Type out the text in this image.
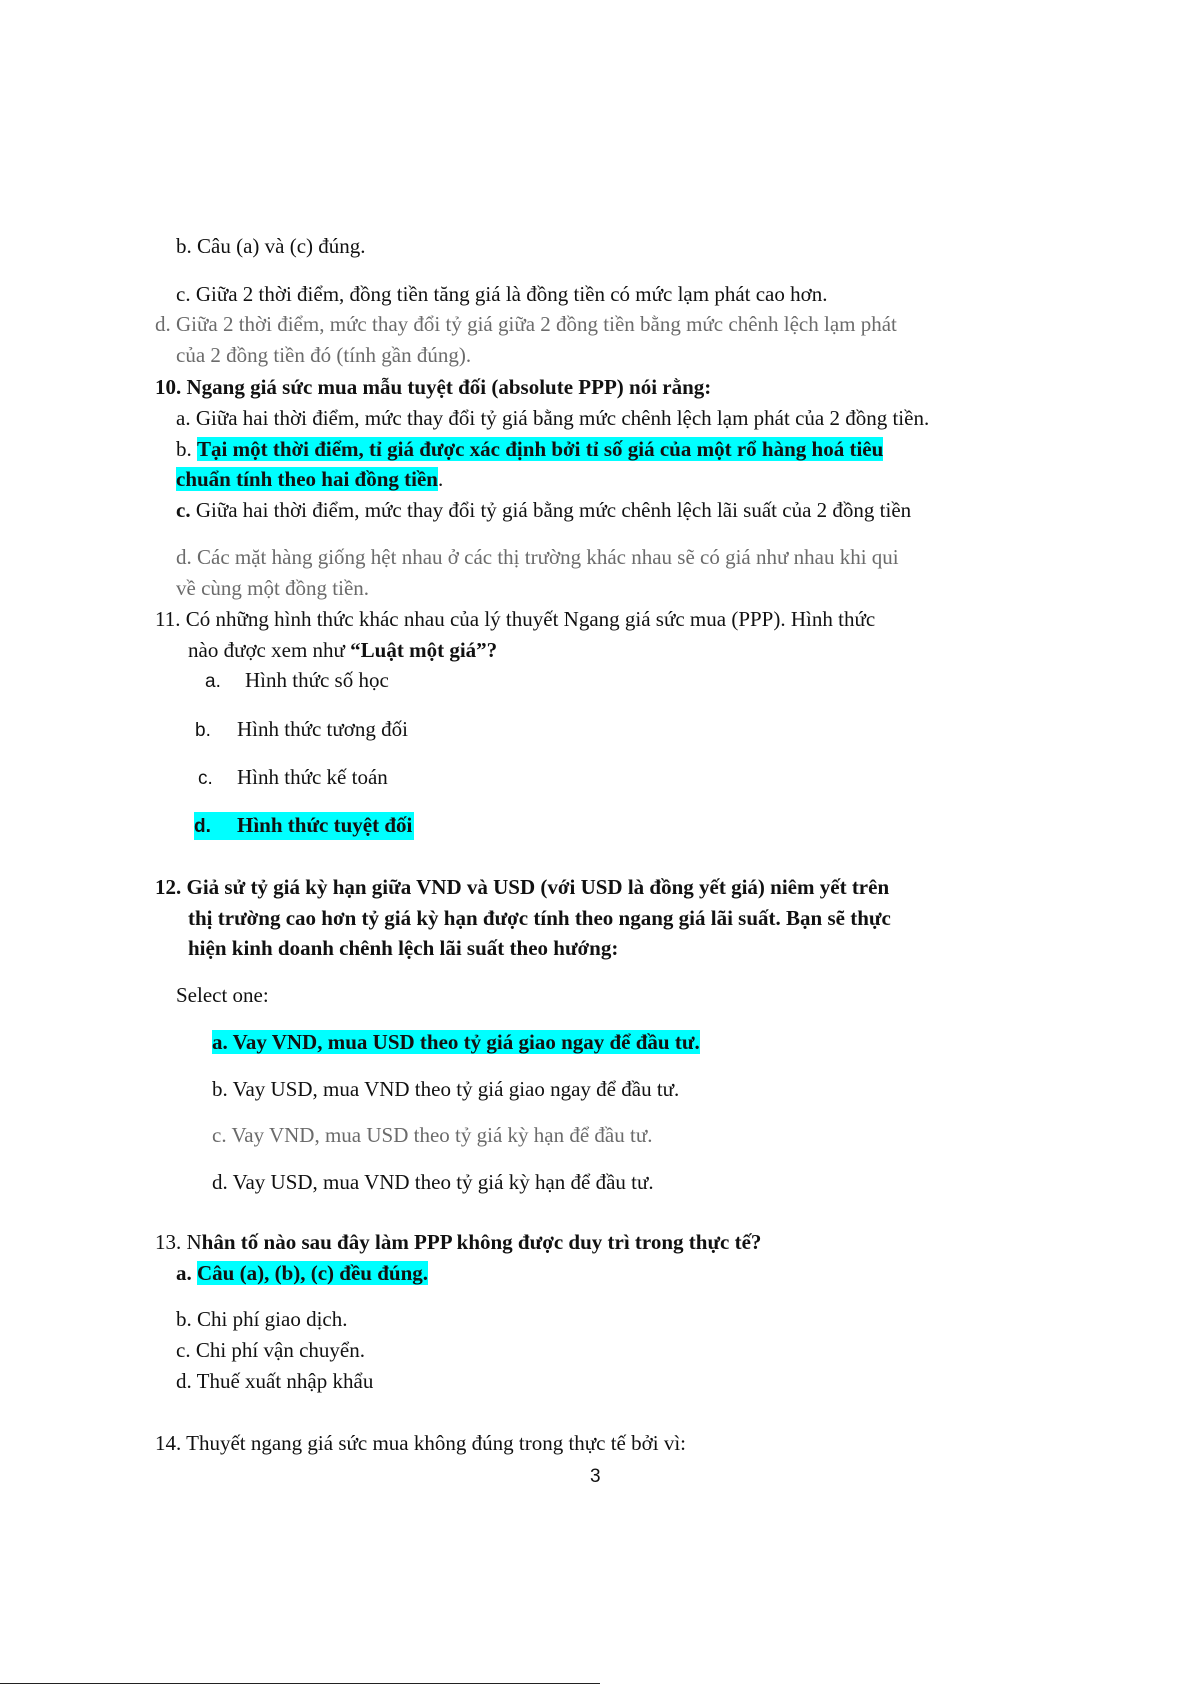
b. Câu (a) và (c) đúng.
c. Giữa 2 thời điểm, đồng tiền tăng giá là đồng tiền có mức lạm phát cao hơn.
d. Giữa 2 thời điểm, mức thay đổi tỷ giá giữa 2 đồng tiền bằng mức chênh lệch lạm phát
của 2 đồng tiền đó (tính gần đúng).
10. Ngang giá sức mua mẫu tuyệt đối (absolute PPP) nói rằng:
a. Giữa hai thời điểm, mức thay đổi tỷ giá bằng mức chênh lệch lạm phát của 2 đồng tiền.
b. Tại một thời điểm, tỉ giá được xác định bởi tỉ số giá của một rổ hàng hoá tiêu
chuẩn tính theo hai đồng tiền.
c. Giữa hai thời điểm, mức thay đổi tỷ giá bằng mức chênh lệch lãi suất của 2 đồng tiền
d. Các mặt hàng giống hệt nhau ở các thị trường khác nhau sẽ có giá như nhau khi qui
về cùng một đồng tiền.
11. Có những hình thức khác nhau của lý thuyết Ngang giá sức mua (PPP). Hình thức
nào được xem như “Luật một giá”?
a. Hình thức số học
b. Hình thức tương đối
c. Hình thức kế toán
d. Hình thức tuyệt đối
12. Giả sử tỷ giá kỳ hạn giữa VND và USD (với USD là đồng yết giá) niêm yết trên
thị trường cao hơn tỷ giá kỳ hạn được tính theo ngang giá lãi suất. Bạn sẽ thực
hiện kinh doanh chênh lệch lãi suất theo hướng:
Select one:
a. Vay VND, mua USD theo tỷ giá giao ngay để đầu tư.
b. Vay USD, mua VND theo tỷ giá giao ngay để đầu tư.
c. Vay VND, mua USD theo tỷ giá kỳ hạn để đầu tư.
d. Vay USD, mua VND theo tỷ giá kỳ hạn để đầu tư.
13. Nhân tố nào sau đây làm PPP không được duy trì trong thực tế?
a. Câu (a), (b), (c) đều đúng.
b. Chi phí giao dịch.
c. Chi phí vận chuyển.
d. Thuế xuất nhập khẩu
14. Thuyết ngang giá sức mua không đúng trong thực tế bởi vì:
3
